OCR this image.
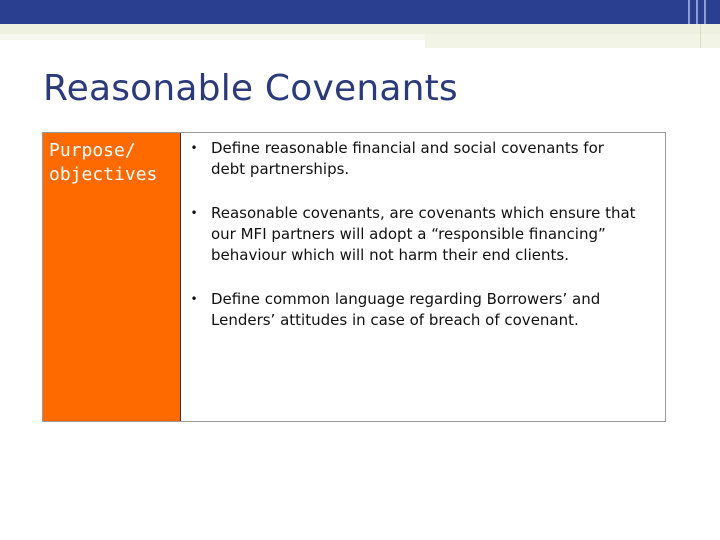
Reasonable Covenants
Purpose/ objectives
• Define reasonable financial and social covenants for debt partnerships.
• Reasonable covenants, are covenants which ensure that our MFI partners will adopt a “responsible financing” behaviour which will not harm their end clients.
• Define common language regarding Borrowers’ and Lenders’ attitudes in case of breach of covenant.
